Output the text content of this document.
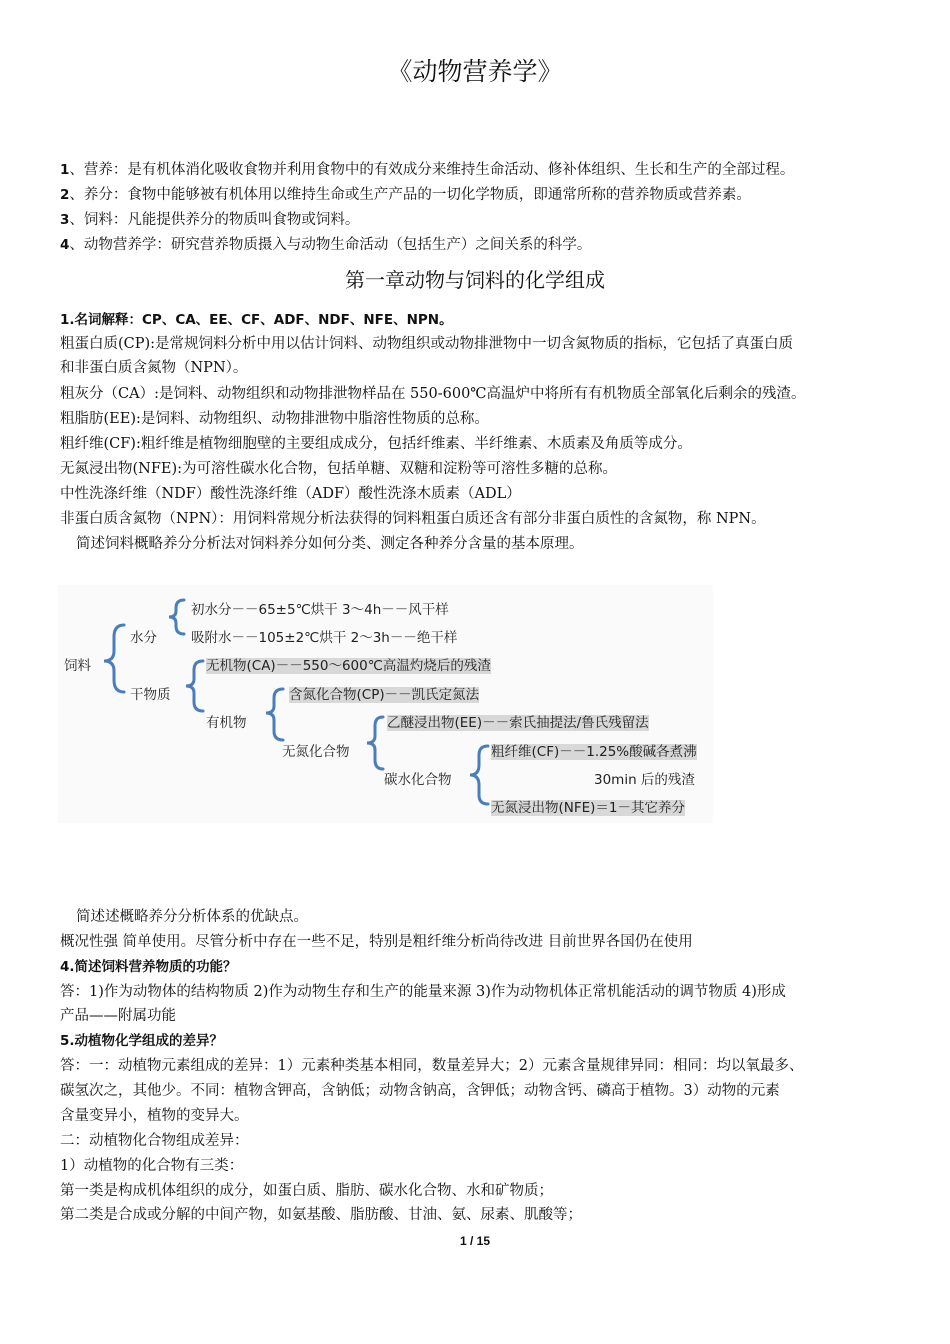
《动物营养学》
1、营养：是有机体消化吸收食物并利用食物中的有效成分来维持生命活动、修补体组织、生长和生产的全部过程。
2、养分：食物中能够被有机体用以维持生命或生产产品的一切化学物质，即通常所称的营养物质或营养素。
3、饲料：凡能提供养分的物质叫食物或饲料。
4、动物营养学：研究营养物质摄入与动物生命活动（包括生产）之间关系的科学。
第一章动物与饲料的化学组成
1.名词解释：CP、CA、EE、CF、ADF、NDF、NFE、NPN。
粗蛋白质(CP):是常规饲料分析中用以估计饲料、动物组织或动物排泄物中一切含氮物质的指标，它包括了真蛋白质
和非蛋白质含氮物（NPN）。
粗灰分（CA）:是饲料、动物组织和动物排泄物样品在 550-600℃高温炉中将所有有机物质全部氧化后剩余的残渣。
粗脂肪(EE):是饲料、动物组织、动物排泄物中脂溶性物质的总称。
粗纤维(CF):粗纤维是植物细胞壁的主要组成成分，包括纤维素、半纤维素、木质素及角质等成分。
无氮浸出物(NFE):为可溶性碳水化合物，包括单糖、双糖和淀粉等可溶性多糖的总称。
中性洗涤纤维（NDF）酸性洗涤纤维（ADF）酸性洗涤木质素（ADL）
非蛋白质含氮物（NPN）：用饲料常规分析法获得的饲料粗蛋白质还含有部分非蛋白质性的含氮物，称 NPN。
简述饲料概略养分分析法对饲料养分如何分类、测定各种养分含量的基本原理。
饲料
水分
初水分－－65±5℃烘干 3～4h－－风干样
吸附水－－105±2℃烘干 2～3h－－绝干样
干物质
无机物(CA)－－550～600℃高温灼烧后的残渣
有机物
含氮化合物(CP)－－凯氏定氮法
无氮化合物
乙醚浸出物(EE)－－索氏抽提法/鲁氏残留法
碳水化合物
粗纤维(CF)－－1.25%酸碱各煮沸
30min 后的残渣
无氮浸出物(NFE)＝1－其它养分
简述述概略养分分析体系的优缺点。
概况性强 简单使用。尽管分析中存在一些不足，特别是粗纤维分析尚待改进 目前世界各国仍在使用
4.简述饲料营养物质的功能？
答：1)作为动物体的结构物质 2)作为动物生存和生产的能量来源 3)作为动物机体正常机能活动的调节物质 4)形成
产品——附属功能
5.动植物化学组成的差异？
答：一：动植物元素组成的差异：1）元素种类基本相同，数量差异大；2）元素含量规律异同：相同：均以氧最多、
碳氢次之，其他少。不同：植物含钾高，含钠低；动物含钠高，含钾低；动物含钙、磷高于植物。3）动物的元素
含量变异小，植物的变异大。
二：动植物化合物组成差异：
1）动植物的化合物有三类：
第一类是构成机体组织的成分，如蛋白质、脂肪、碳水化合物、水和矿物质；
第二类是合成或分解的中间产物，如氨基酸、脂肪酸、甘油、氨、尿素、肌酸等；
1 / 15
